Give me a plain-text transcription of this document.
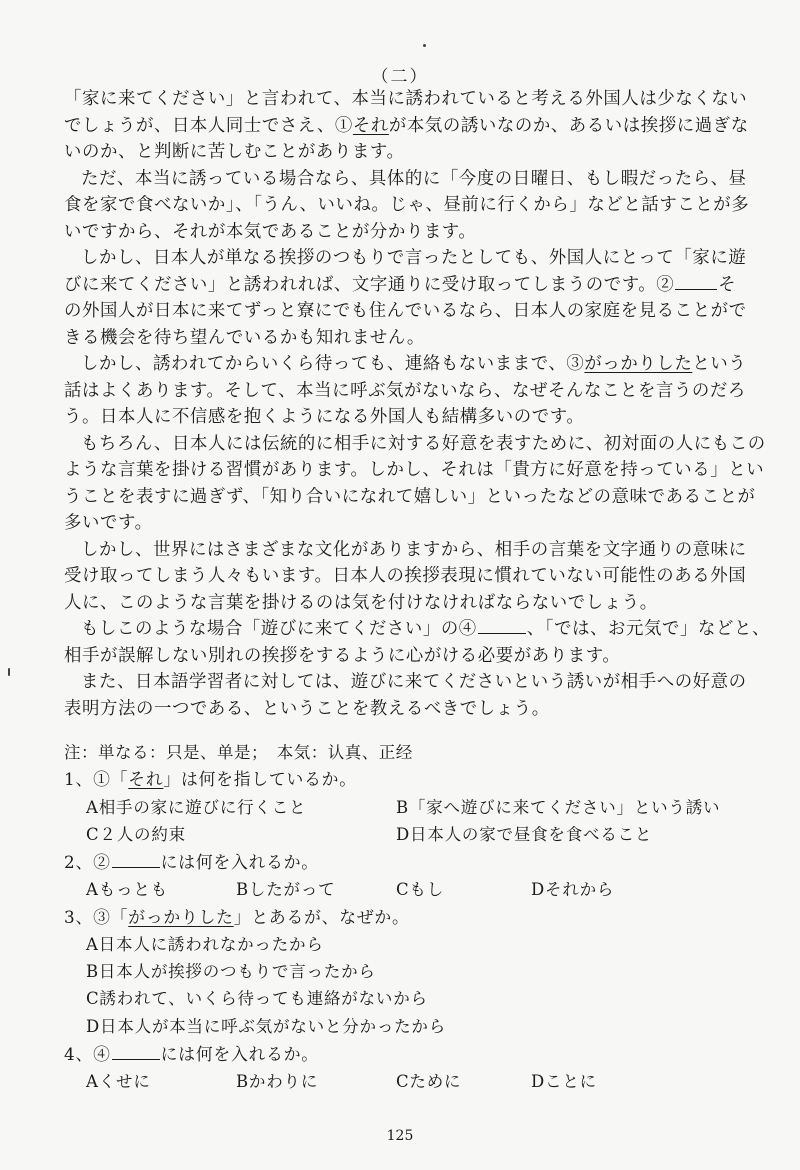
（二）
「家に来てください」と言われて、本当に誘われていると考える外国人は少なくない
でしょうが、日本人同士でさえ、①それが本気の誘いなのか、あるいは挨拶に過ぎな
いのか、と判断に苦しむことがあります。
ただ、本当に誘っている場合なら、具体的に「今度の日曜日、もし暇だったら、昼
食を家で食べないか」、「うん、いいね。じゃ、昼前に行くから」などと話すことが多
いですから、それが本気であることが分かります。
しかし、日本人が単なる挨拶のつもりで言ったとしても、外国人にとって「家に遊
びに来てください」と誘われれば、文字通りに受け取ってしまうのです。②	そ
の外国人が日本に来てずっと寮にでも住んでいるなら、日本人の家庭を見ることがで
きる機会を待ち望んでいるかも知れません。
しかし、誘われてからいくら待っても、連絡もないままで、③がっかりしたという
話はよくあります。そして、本当に呼ぶ気がないなら、なぜそんなことを言うのだろ
う。日本人に不信感を抱くようになる外国人も結構多いのです。
もちろん、日本人には伝統的に相手に対する好意を表すために、初対面の人にもこの
ような言葉を掛ける習慣があります。しかし、それは「貴方に好意を持っている」とい
うことを表すに過ぎず、「知り合いになれて嬉しい」といったなどの意味であることが
多いです。
しかし、世界にはさまざまな文化がありますから、相手の言葉を文字通りの意味に
受け取ってしまう人々もいます。日本人の挨拶表現に慣れていない可能性のある外国
人に、このような言葉を掛けるのは気を付けなければならないでしょう。
もしこのような場合「遊びに来てください」の④	、「では、お元気で」などと、
相手が誤解しない別れの挨拶をするように心がける必要があります。
また、日本語学習者に対しては、遊びに来てくださいという誘いが相手への好意の
表明方法の一つである、ということを教えるべきでしょう。
注：単なる：只是、单是；　本気：认真、正经
1、①「それ」は何を指しているか。
A相手の家に遊びに行くこと	B「家へ遊びに来てください」という誘い
C２人の約束	D日本人の家で昼食を食べること
2、②	には何を入れるか。
Aもっとも	Bしたがって	Cもし	Dそれから
3、③「がっかりした」とあるが、なぜか。
A日本人に誘われなかったから
B日本人が挨拶のつもりで言ったから
C誘われて、いくら待っても連絡がないから
D日本人が本当に呼ぶ気がないと分かったから
4、④	には何を入れるか。
Aくせに	Bかわりに	Cために	Dことに
125
